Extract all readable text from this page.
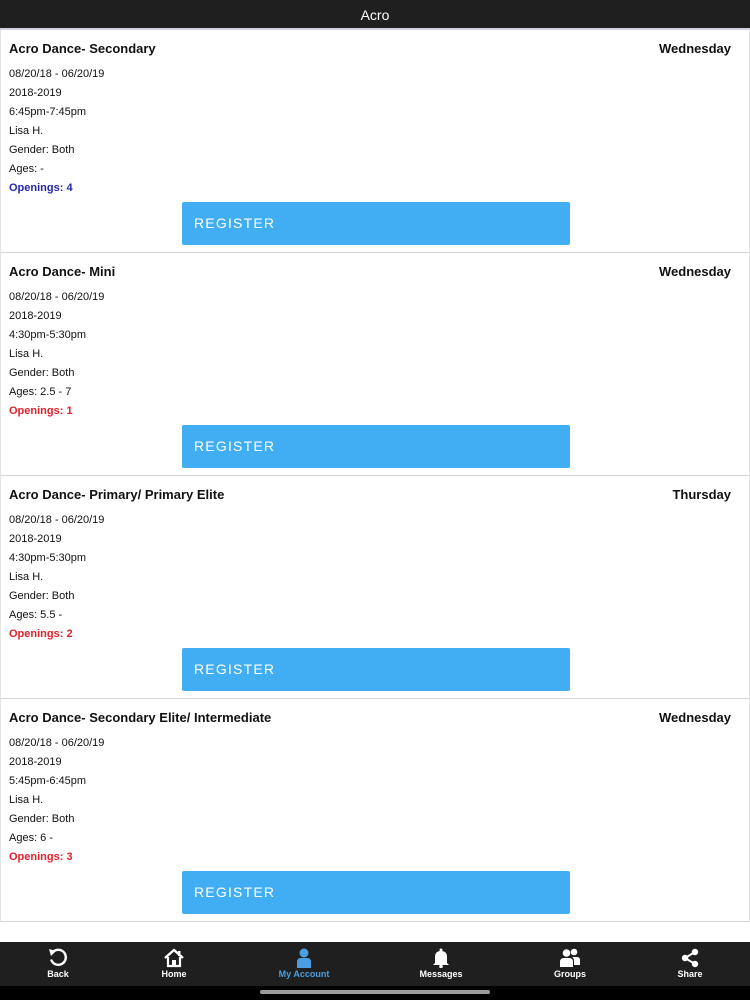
Acro
Acro Dance- Secondary	Wednesday
08/20/18 - 06/20/19
2018-2019
6:45pm-7:45pm
Lisa H.
Gender: Both
Ages: -
Openings: 4
REGISTER
Acro Dance- Mini	Wednesday
08/20/18 - 06/20/19
2018-2019
4:30pm-5:30pm
Lisa H.
Gender: Both
Ages: 2.5 - 7
Openings: 1
REGISTER
Acro Dance- Primary/ Primary Elite	Thursday
08/20/18 - 06/20/19
2018-2019
4:30pm-5:30pm
Lisa H.
Gender: Both
Ages: 5.5 -
Openings: 2
REGISTER
Acro Dance- Secondary Elite/ Intermediate	Wednesday
08/20/18 - 06/20/19
2018-2019
5:45pm-6:45pm
Lisa H.
Gender: Both
Ages: 6 -
Openings: 3
REGISTER
Back	Home	My Account	Messages	Groups	Share
